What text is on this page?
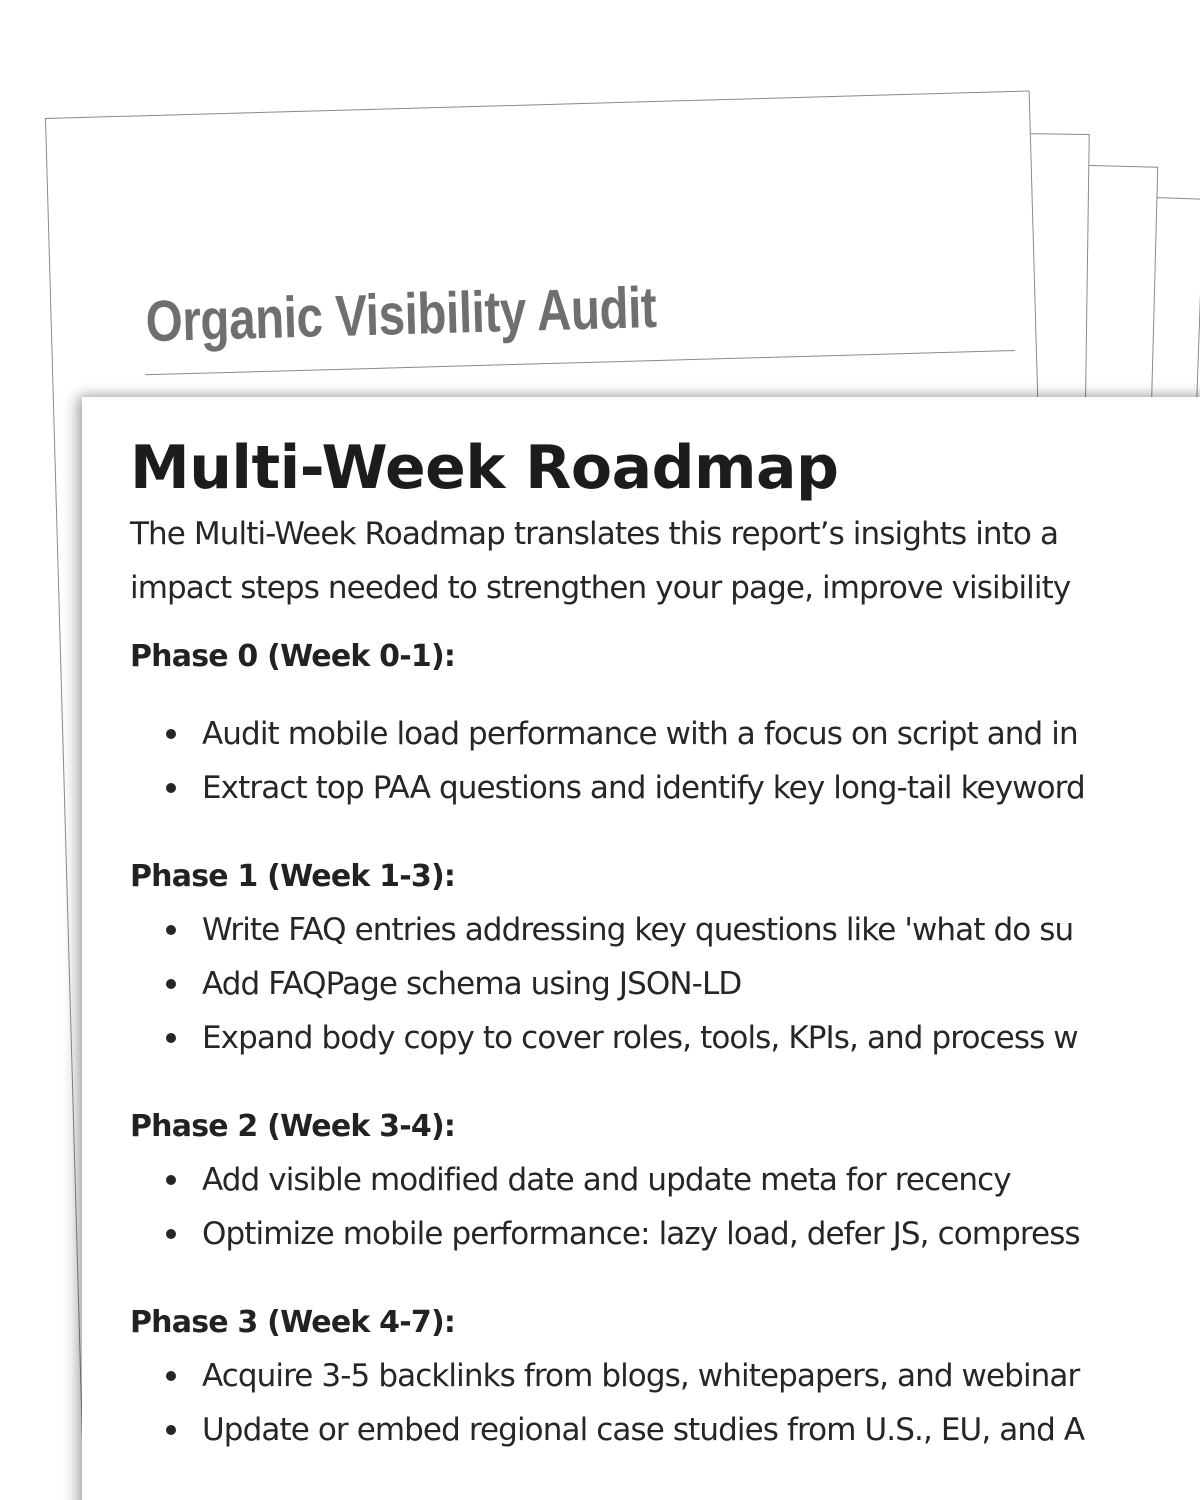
Organic Visibility Audit
Multi-Week Roadmap

The Multi-Week Roadmap translates this report’s insights into a

impact steps needed to strengthen your page, improve visibility

Phase 0 (Week 0-1):
Audit mobile load performance with a focus on script and in
Extract top PAA questions and identify key long-tail keyword
Phase 1 (Week 1-3):
Write FAQ entries addressing key questions like 'what do su
Add FAQPage schema using JSON-LD
Expand body copy to cover roles, tools, KPIs, and process w
Phase 2 (Week 3-4):
Add visible modified date and update meta for recency
Optimize mobile performance: lazy load, defer JS, compress
Phase 3 (Week 4-7):
Acquire 3-5 backlinks from blogs, whitepapers, and webinar
Update or embed regional case studies from U.S., EU, and A
